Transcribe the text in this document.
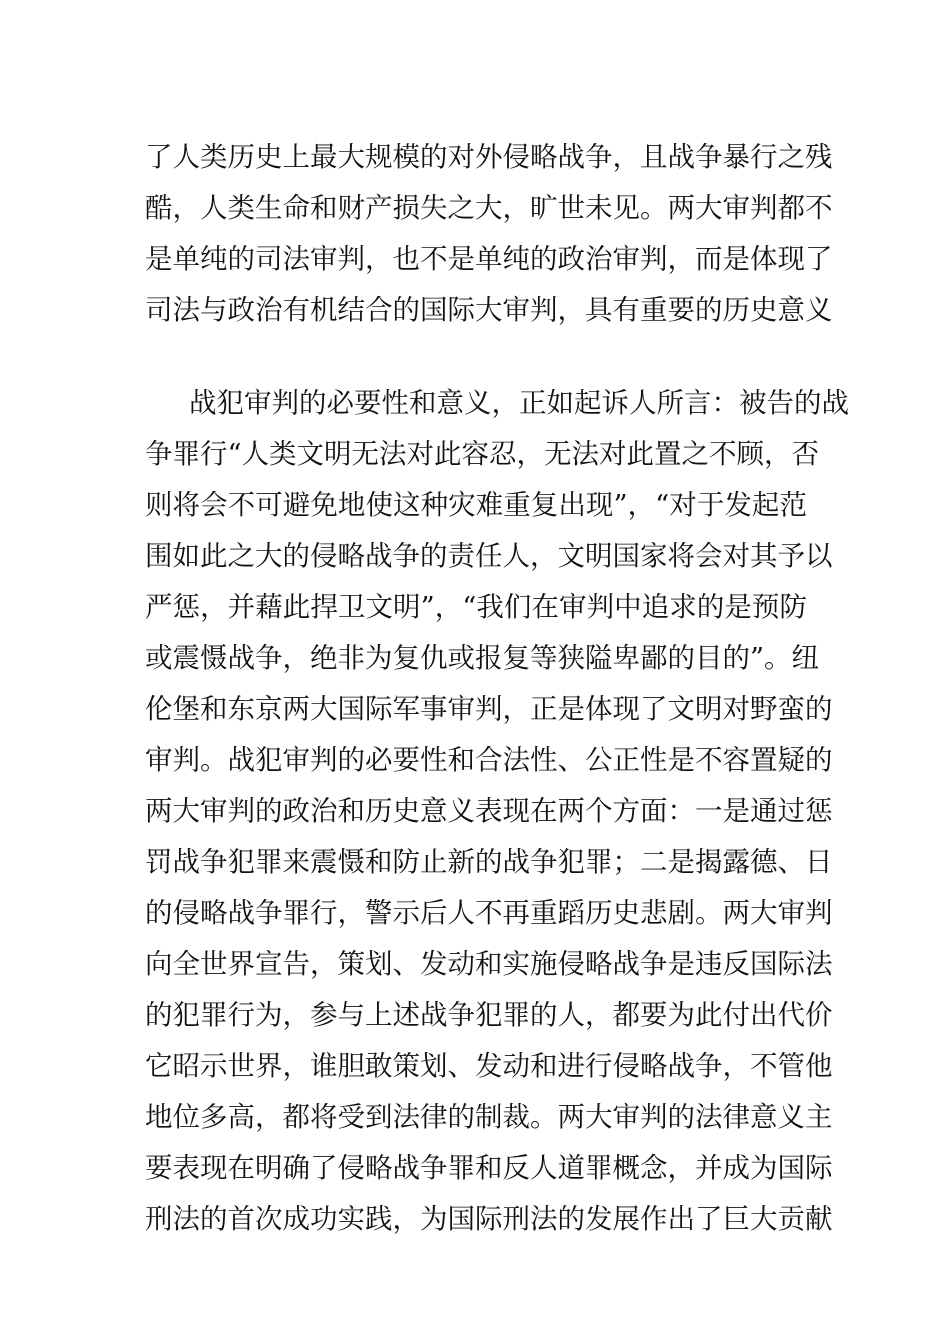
了人类历史上最大规模的对外侵略战争，且战争暴行之残
酷，人类生命和财产损失之大，旷世未见。两大审判都不
是单纯的司法审判，也不是单纯的政治审判，而是体现了
司法与政治有机结合的国际大审判，具有重要的历史意义

战犯审判的必要性和意义，正如起诉人所言：被告的战
争罪行“人类文明无法对此容忍，无法对此置之不顾，否
则将会不可避免地使这种灾难重复出现”，“对于发起范
围如此之大的侵略战争的责任人，文明国家将会对其予以
严惩，并藉此捍卫文明”，“我们在审判中追求的是预防
或震慑战争，绝非为复仇或报复等狭隘卑鄙的目的”。纽
伦堡和东京两大国际军事审判，正是体现了文明对野蛮的
审判。战犯审判的必要性和合法性、公正性是不容置疑的
两大审判的政治和历史意义表现在两个方面：一是通过惩
罚战争犯罪来震慑和防止新的战争犯罪；二是揭露德、日
的侵略战争罪行，警示后人不再重蹈历史悲剧。两大审判
向全世界宣告，策划、发动和实施侵略战争是违反国际法
的犯罪行为，参与上述战争犯罪的人，都要为此付出代价
它昭示世界，谁胆敢策划、发动和进行侵略战争，不管他
地位多高，都将受到法律的制裁。两大审判的法律意义主
要表现在明确了侵略战争罪和反人道罪概念，并成为国际
刑法的首次成功实践，为国际刑法的发展作出了巨大贡献
